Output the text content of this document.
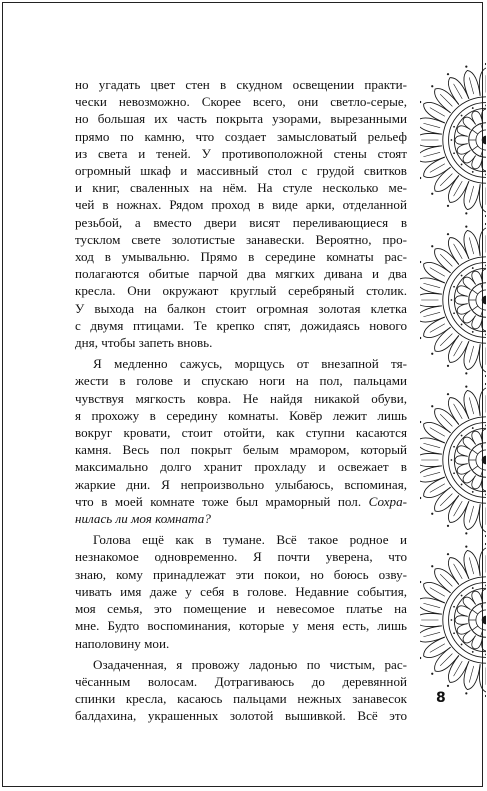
но угадать цвет стен в скудном освещении практи-
чески невозможно. Скорее всего, они светло-серые,
но большая их часть покрыта узорами, вырезанными
прямо по камню, что создает замысловатый рельеф
из света и теней. У противоположной стены стоят
огромный шкаф и массивный стол с грудой свитков
и книг, сваленных на нём. На стуле несколько ме-
чей в ножнах. Рядом проход в виде арки, отделанной
резьбой, а вместо двери висят переливающиеся в
тусклом свете золотистые занавески. Вероятно, про-
ход в умывальню. Прямо в середине комнаты рас-
полагаются обитые парчой два мягких дивана и два
кресла. Они окружают круглый серебряный столик.
У выхода на балкон стоит огромная золотая клетка
с двумя птицами. Те крепко спят, дожидаясь нового
дня, чтобы запеть вновь.
Я медленно сажусь, морщусь от внезапной тя-
жести в голове и спускаю ноги на пол, пальцами
чувствуя мягкость ковра. Не найдя никакой обуви,
я прохожу в середину комнаты. Ковёр лежит лишь
вокруг кровати, стоит отойти, как ступни касаются
камня. Весь пол покрыт белым мрамором, который
максимально долго хранит прохладу и освежает в
жаркие дни. Я непроизвольно улыбаюсь, вспоминая,
что в моей комнате тоже был мраморный пол. Сохра-
нилась ли моя комната?
Голова ещё как в тумане. Всё такое родное и
незнакомое одновременно. Я почти уверена, что
знаю, кому принадлежат эти покои, но боюсь озву-
чивать имя даже у себя в голове. Недавние события,
моя семья, это помещение и невесомое платье на
мне. Будто воспоминания, которые у меня есть, лишь
наполовину мои.
Озадаченная, я провожу ладонью по чистым, рас-
чёсанным волосам. Дотрагиваюсь до деревянной
спинки кресла, касаюсь пальцами нежных занавесок
балдахина, украшенных золотой вышивкой. Всё это
8
